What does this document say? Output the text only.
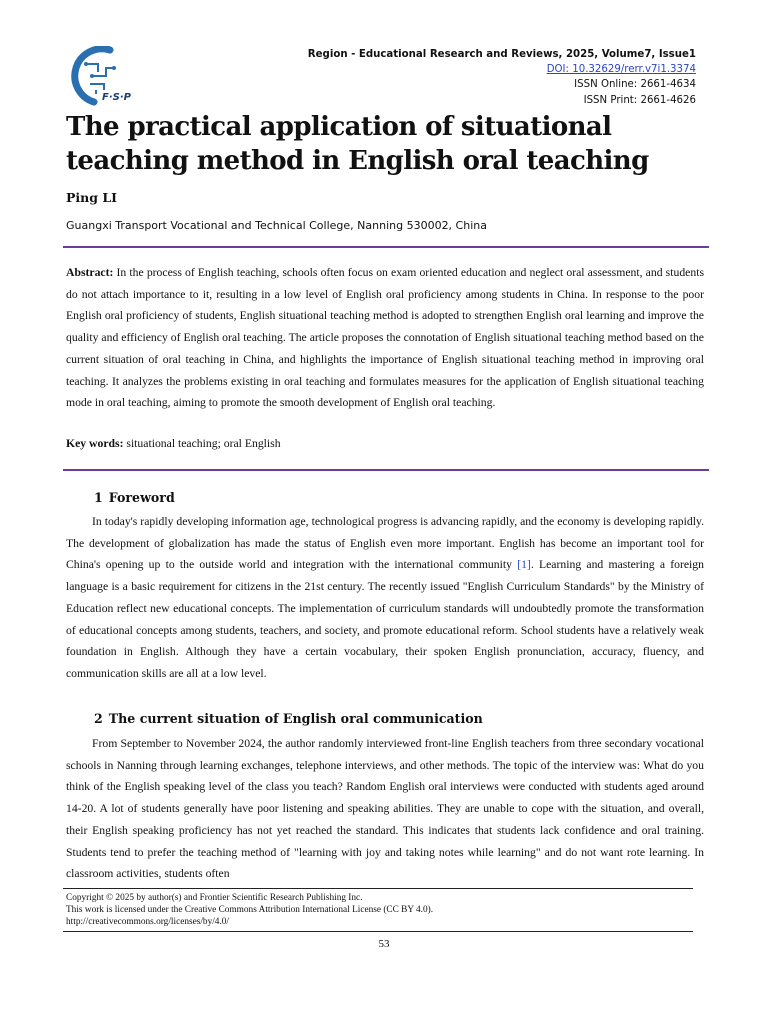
F·S·P
Region - Educational Research and Reviews, 2025, Volume7, Issue1
DOI: 10.32629/rerr.v7i1.3374
ISSN Online: 2661-4634
ISSN Print: 2661-4626
The practical application of situational teaching method in English oral teaching
Ping LI
Guangxi Transport Vocational and Technical College, Nanning 530002, China

Abstract: In the process of English teaching, schools often focus on exam oriented education and neglect oral assessment, and students do not attach importance to it, resulting in a low level of English oral proficiency among students in China. In response to the poor English oral proficiency of students, English situational teaching method is adopted to strengthen English oral learning and improve the quality and efficiency of English oral teaching. The article proposes the connotation of English situational teaching method based on the current situation of oral teaching in China, and highlights the importance of English situational teaching method in improving oral teaching. It analyzes the problems existing in oral teaching and formulates measures for the application of English situational teaching mode in oral teaching, aiming to promote the smooth development of English oral teaching.

Key words: situational teaching; oral English
1 Foreword

In today's rapidly developing information age, technological progress is advancing rapidly, and the economy is developing rapidly. The development of globalization has made the status of English even more important. English has become an important tool for China's opening up to the outside world and integration with the international community [1]. Learning and mastering a foreign language is a basic requirement for citizens in the 21st century. The recently issued "English Curriculum Standards" by the Ministry of Education reflect new educational concepts. The implementation of curriculum standards will undoubtedly promote the transformation of educational concepts among students, teachers, and society, and promote educational reform. School students have a relatively weak foundation in English. Although they have a certain vocabulary, their spoken English pronunciation, accuracy, fluency, and communication skills are all at a low level.

2 The current situation of English oral communication

From September to November 2024, the author randomly interviewed front-line English teachers from three secondary vocational schools in Nanning through learning exchanges, telephone interviews, and other methods. The topic of the interview was: What do you think of the English speaking level of the class you teach? Random English oral interviews were conducted with students aged around 14-20. A lot of students generally have poor listening and speaking abilities. They are unable to cope with the situation, and overall, their English speaking proficiency has not yet reached the standard. This indicates that students lack confidence and oral training. Students tend to prefer the teaching method of "learning with joy and taking notes while learning" and do not want rote learning. In classroom activities, students often

Copyright © 2025 by author(s) and Frontier Scientific Research Publishing Inc.
This work is licensed under the Creative Commons Attribution International License (CC BY 4.0).
http://creativecommons.org/licenses/by/4.0/
53
